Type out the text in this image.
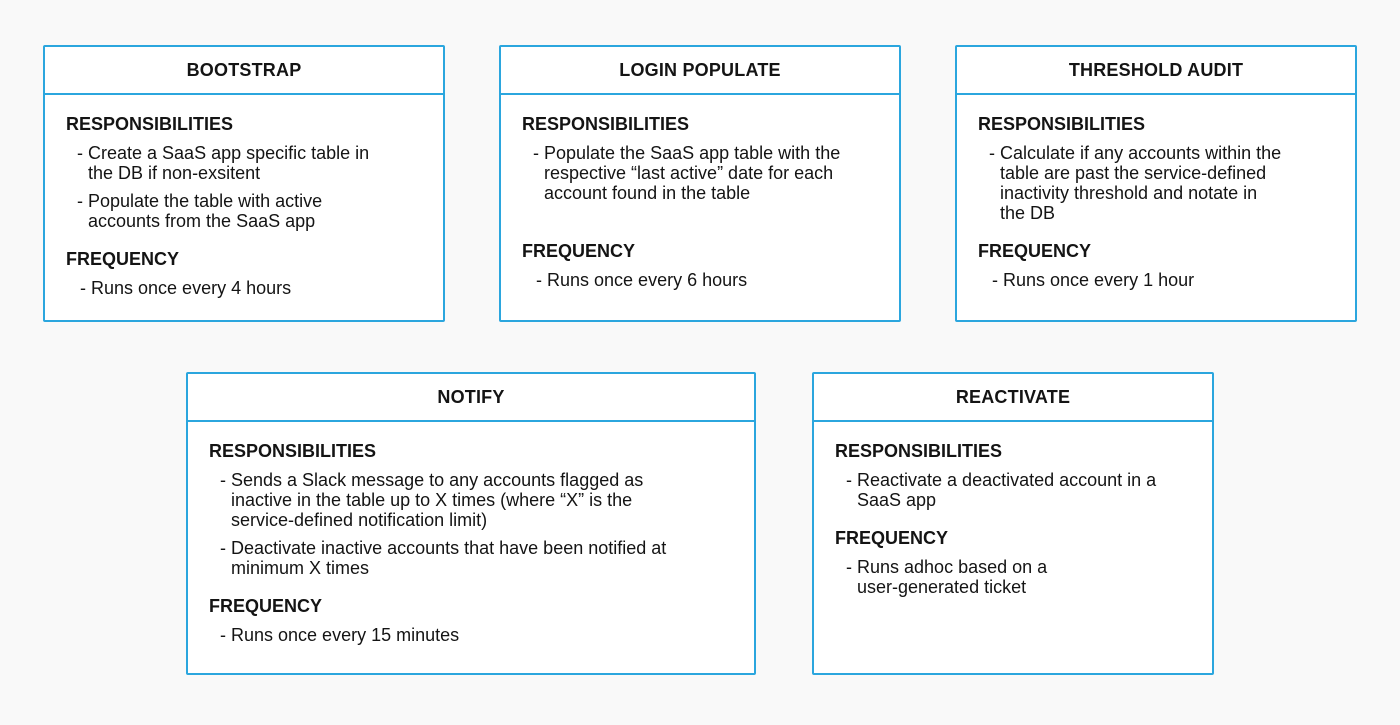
BOOTSTRAP
RESPONSIBILITIES
- Create a SaaS app specific table in
the DB if non-exsitent
- Populate the table with active
accounts from the SaaS app
FREQUENCY
- Runs once every 4 hours
LOGIN POPULATE
RESPONSIBILITIES
- Populate the SaaS app table with the
respective “last active” date for each
account found in the table
FREQUENCY
- Runs once every 6 hours
THRESHOLD AUDIT
RESPONSIBILITIES
- Calculate if any accounts within the
table are past the service-defined
inactivity threshold and notate in
the DB
FREQUENCY
- Runs once every 1 hour
NOTIFY
RESPONSIBILITIES
- Sends a Slack message to any accounts flagged as
inactive in the table up to X times (where “X” is the
service-defined notification limit)
- Deactivate inactive accounts that have been notified at
minimum X times
FREQUENCY
- Runs once every 15 minutes
REACTIVATE
RESPONSIBILITIES
- Reactivate a deactivated account in a
SaaS app
FREQUENCY
- Runs adhoc based on a
user-generated ticket
